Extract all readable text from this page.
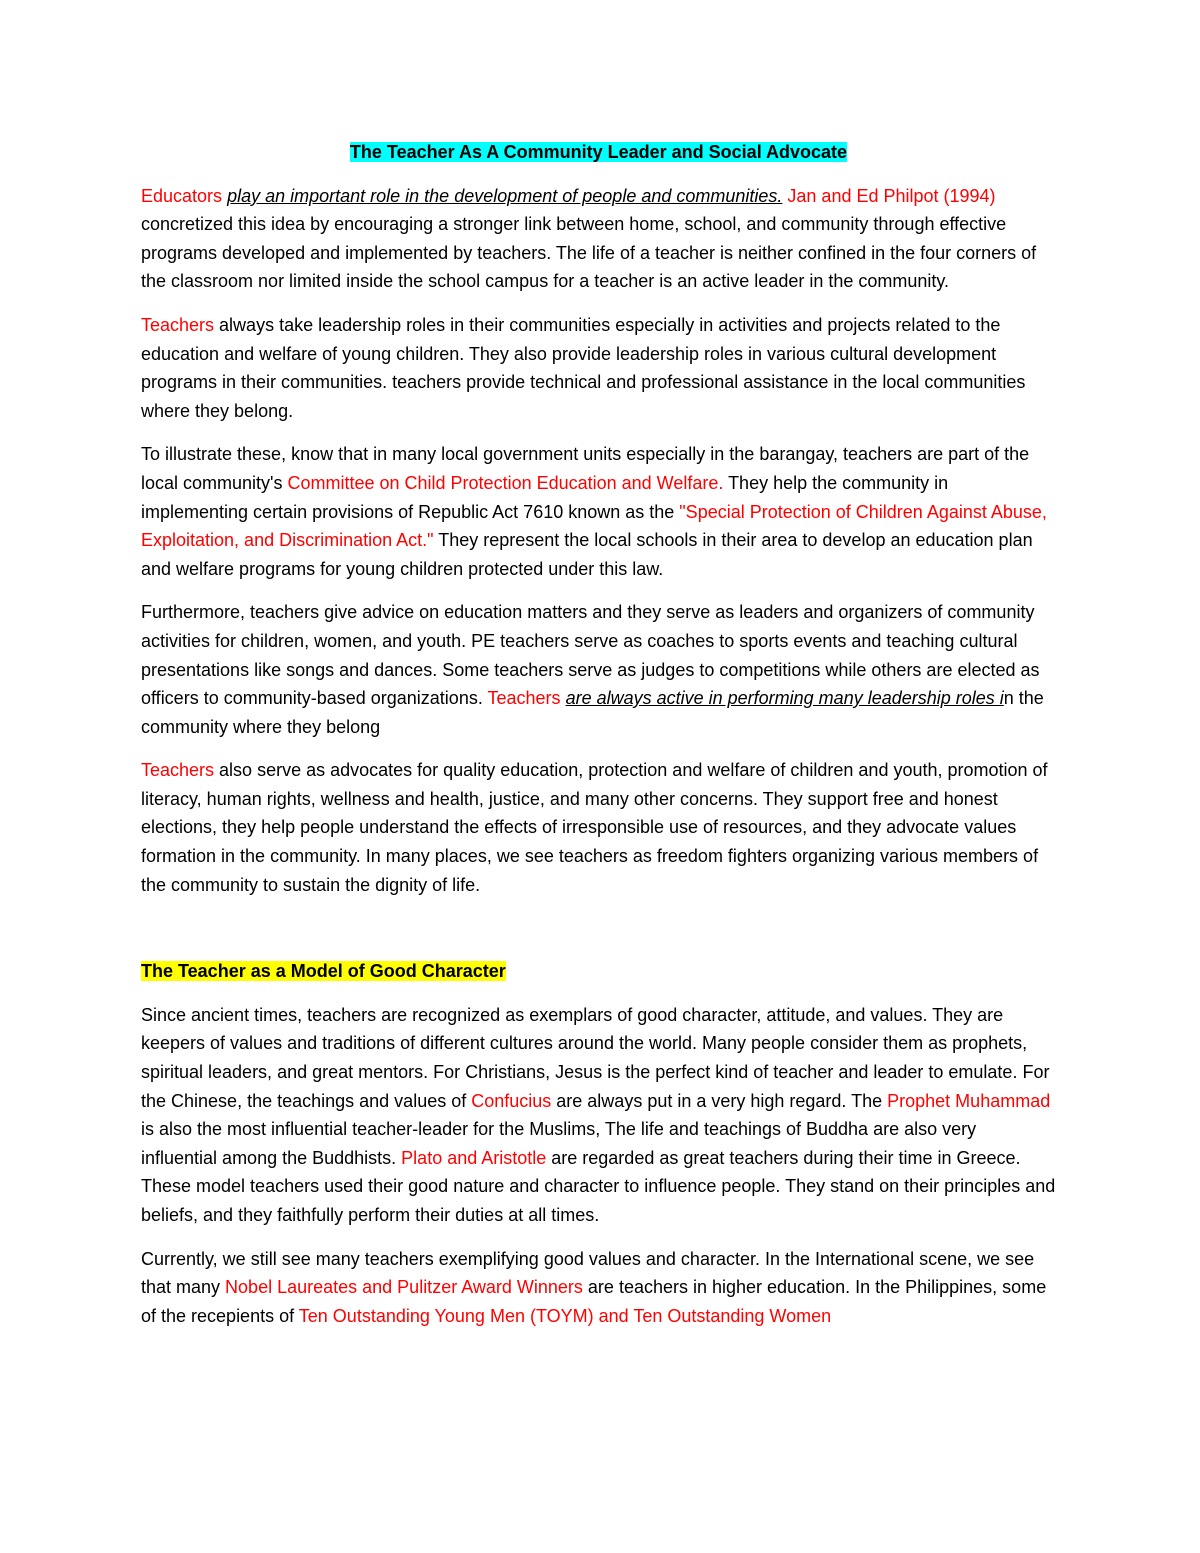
The Teacher As A Community Leader and Social Advocate

Educators play an important role in the development of people and communities. Jan and Ed Philpot (1994) concretized this idea by encouraging a stronger link between home, school, and community through effective programs developed and implemented by teachers. The life of a teacher is neither confined in the four corners of the classroom nor limited inside the school campus for a teacher is an active leader in the community.

Teachers always take leadership roles in their communities especially in activities and projects related to the education and welfare of young children. They also provide leadership roles in various cultural development programs in their communities. teachers provide technical and professional assistance in the local communities where they belong.

To illustrate these, know that in many local government units especially in the barangay, teachers are part of the local community's Committee on Child Protection Education and Welfare. They help the community in implementing certain provisions of Republic Act 7610 known as the "Special Protection of Children Against Abuse, Exploitation, and Discrimination Act." They represent the local schools in their area to develop an education plan and welfare programs for young children protected under this law.

Furthermore, teachers give advice on education matters and they serve as leaders and organizers of community activities for children, women, and youth. PE teachers serve as coaches to sports events and teaching cultural presentations like songs and dances. Some teachers serve as judges to competitions while others are elected as officers to community-based organizations. Teachers are always active in performing many leadership roles in the community where they belong

Teachers also serve as advocates for quality education, protection and welfare of children and youth, promotion of literacy, human rights, wellness and health, justice, and many other concerns. They support free and honest elections, they help people understand the effects of irresponsible use of resources, and they advocate values formation in the community. In many places, we see teachers as freedom fighters organizing various members of the community to sustain the dignity of life.

The Teacher as a Model of Good Character

Since ancient times, teachers are recognized as exemplars of good character, attitude, and values. They are keepers of values and traditions of different cultures around the world. Many people consider them as prophets, spiritual leaders, and great mentors. For Christians, Jesus is the perfect kind of teacher and leader to emulate. For the Chinese, the teachings and values of Confucius are always put in a very high regard. The Prophet Muhammad is also the most influential teacher-leader for the Muslims, The life and teachings of Buddha are also very influential among the Buddhists. Plato and Aristotle are regarded as great teachers during their time in Greece. These model teachers used their good nature and character to influence people. They stand on their principles and beliefs, and they faithfully perform their duties at all times.

Currently, we still see many teachers exemplifying good values and character. In the International scene, we see that many Nobel Laureates and Pulitzer Award Winners are teachers in higher education. In the Philippines, some of the recepients of Ten Outstanding Young Men (TOYM) and Ten Outstanding Women
